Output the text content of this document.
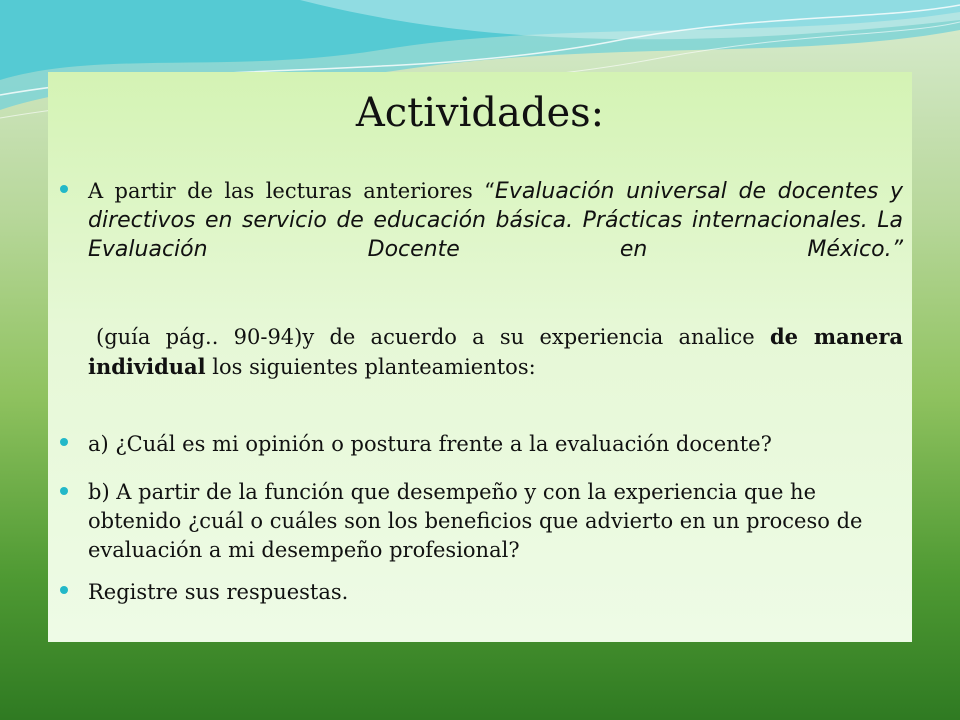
Actividades:
A partir de las lecturas anteriores “Evaluación universal de docentes y directivos en servicio de educación básica. Prácticas internacionales. La Evaluación Docente en México.”
(guía pág.. 90-94)y de acuerdo a su experiencia analice de manera individual los siguientes planteamientos:
a) ¿Cuál es mi opinión o postura frente a la evaluación docente?
b) A partir de la función que desempeño y con la experiencia que he obtenido ¿cuál o cuáles son los beneficios que advierto en un proceso de evaluación a mi desempeño profesional?
Registre sus respuestas.
